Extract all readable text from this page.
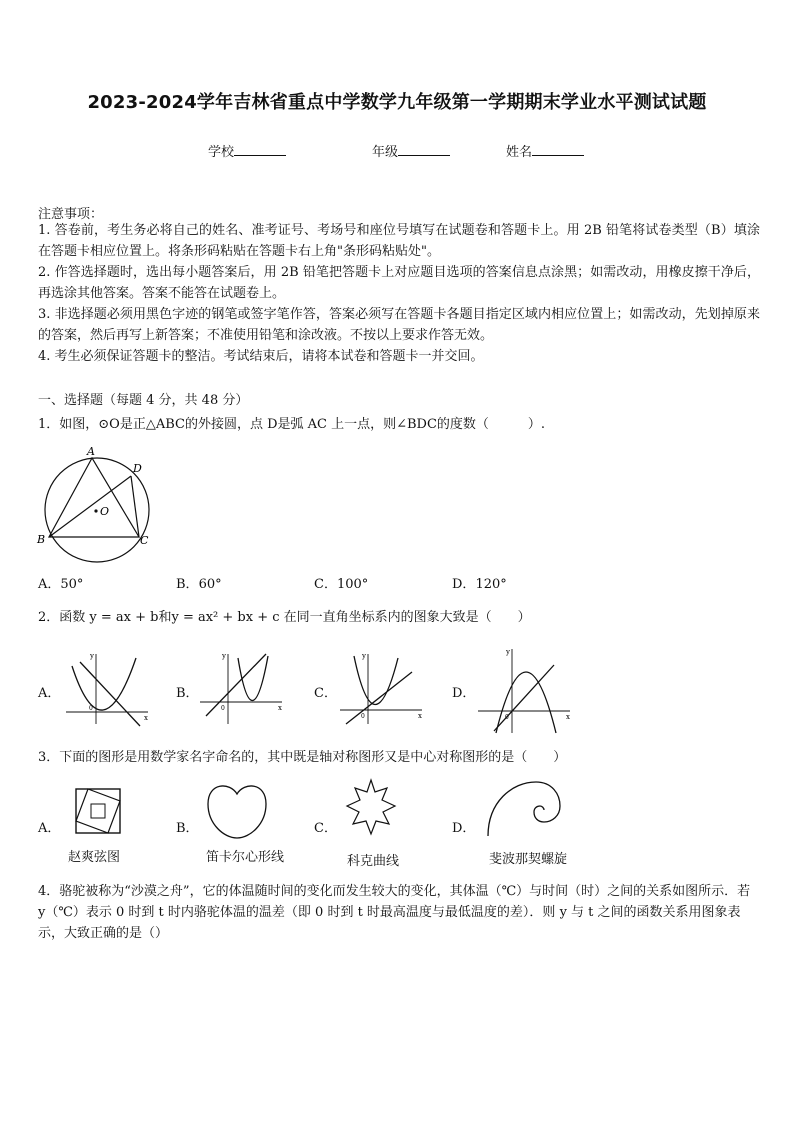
2023-2024学年吉林省重点中学数学九年级第一学期期末学业水平测试试题
学校	年级	姓名
注意事项：
1. 答卷前，考生务必将自己的姓名、准考证号、考场号和座位号填写在试题卷和答题卡上。用 2B 铅笔将试卷类型（B）填涂在答题卡相应位置上。将条形码粘贴在答题卡右上角"条形码粘贴处"。
2. 作答选择题时，选出每小题答案后，用 2B 铅笔把答题卡上对应题目选项的答案信息点涂黑；如需改动，用橡皮擦干净后，再选涂其他答案。答案不能答在试题卷上。
3. 非选择题必须用黑色字迹的钢笔或签字笔作答，答案必须写在答题卡各题目指定区域内相应位置上；如需改动，先划掉原来的答案，然后再写上新答案；不准使用铅笔和涂改液。不按以上要求作答无效。
4. 考生必须保证答题卡的整洁。考试结束后，请将本试卷和答题卡一并交回。
一、选择题（每题 4 分，共 48 分）
1．如图，⊙O是正△ABC的外接圆，点 D是弧 AC 上一点，则∠BDC的度数（　　　）.
A
D
O
B	C
A．50°	B．60°	C．100°	D．120°
2．函数 y = ax + b和y = ax² + bx + c 在同一直角坐标系内的图象大致是（　　）
A．
y
x
0
B．
y
x
0
C．
y
x
0
D．
y
x
0
3．下面的图形是用数学家名字命名的，其中既是轴对称图形又是中心对称图形的是（　　）
A．
赵爽弦图
B．
笛卡尔心形线
C．
科克曲线
D．
斐波那契螺旋
4．骆驼被称为“沙漠之舟”，它的体温随时间的变化而发生较大的变化，其体温（℃）与时间（时）之间的关系如图所示．若 y（℃）表示 0 时到 t 时内骆驼体温的温差（即 0 时到 t 时最高温度与最低温度的差）．则 y 与 t 之间的函数关系用图象表示，大致正确的是（）
